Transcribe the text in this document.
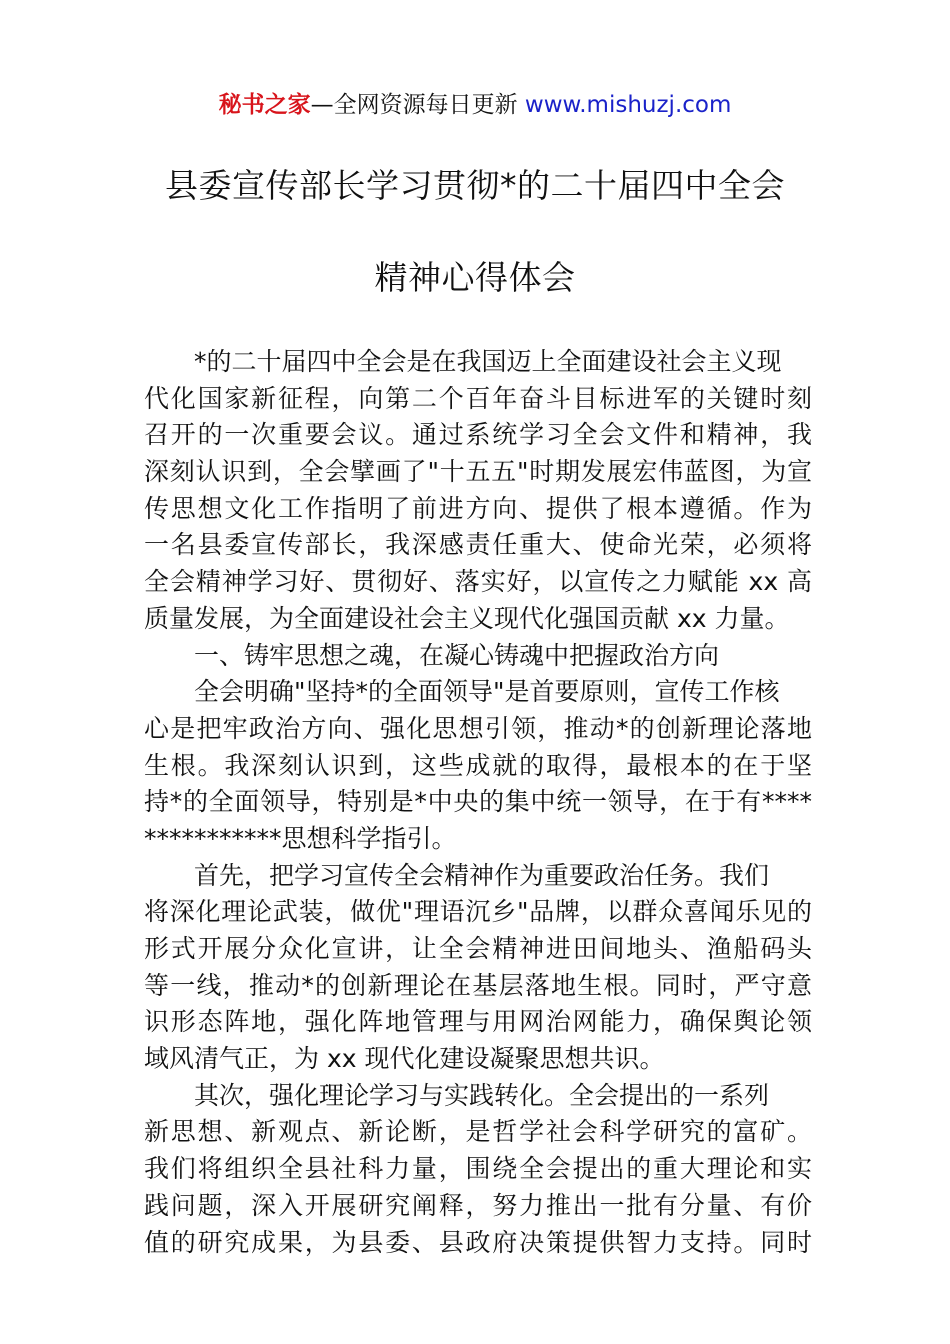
秘书之家—全网资源每日更新 www.mishuzj.com
县委宣传部长学习贯彻*的二十届四中全会
精神心得体会
*的二十届四中全会是在我国迈上全面建设社会主义现
代化国家新征程，向第二个百年奋斗目标进军的关键时刻
召开的一次重要会议。通过系统学习全会文件和精神，我
深刻认识到，全会擘画了"十五五"时期发展宏伟蓝图，为宣
传思想文化工作指明了前进方向、提供了根本遵循。作为
一名县委宣传部长，我深感责任重大、使命光荣，必须将
全会精神学习好、贯彻好、落实好，以宣传之力赋能 xx 高
质量发展，为全面建设社会主义现代化强国贡献 xx 力量。
一、铸牢思想之魂，在凝心铸魂中把握政治方向
全会明确"坚持*的全面领导"是首要原则，宣传工作核
心是把牢政治方向、强化思想引领，推动*的创新理论落地
生根。我深刻认识到，这些成就的取得，最根本的在于坚
持*的全面领导，特别是*中央的集中统一领导，在于有****
***********思想科学指引。
首先，把学习宣传全会精神作为重要政治任务。我们
将深化理论武装，做优"理语沉乡"品牌，以群众喜闻乐见的
形式开展分众化宣讲，让全会精神进田间地头、渔船码头
等一线，推动*的创新理论在基层落地生根。同时，严守意
识形态阵地，强化阵地管理与用网治网能力，确保舆论领
域风清气正，为 xx 现代化建设凝聚思想共识。
其次，强化理论学习与实践转化。全会提出的一系列
新思想、新观点、新论断，是哲学社会科学研究的富矿。
我们将组织全县社科力量，围绕全会提出的重大理论和实
践问题，深入开展研究阐释，努力推出一批有分量、有价
值的研究成果，为县委、县政府决策提供智力支持。同时
